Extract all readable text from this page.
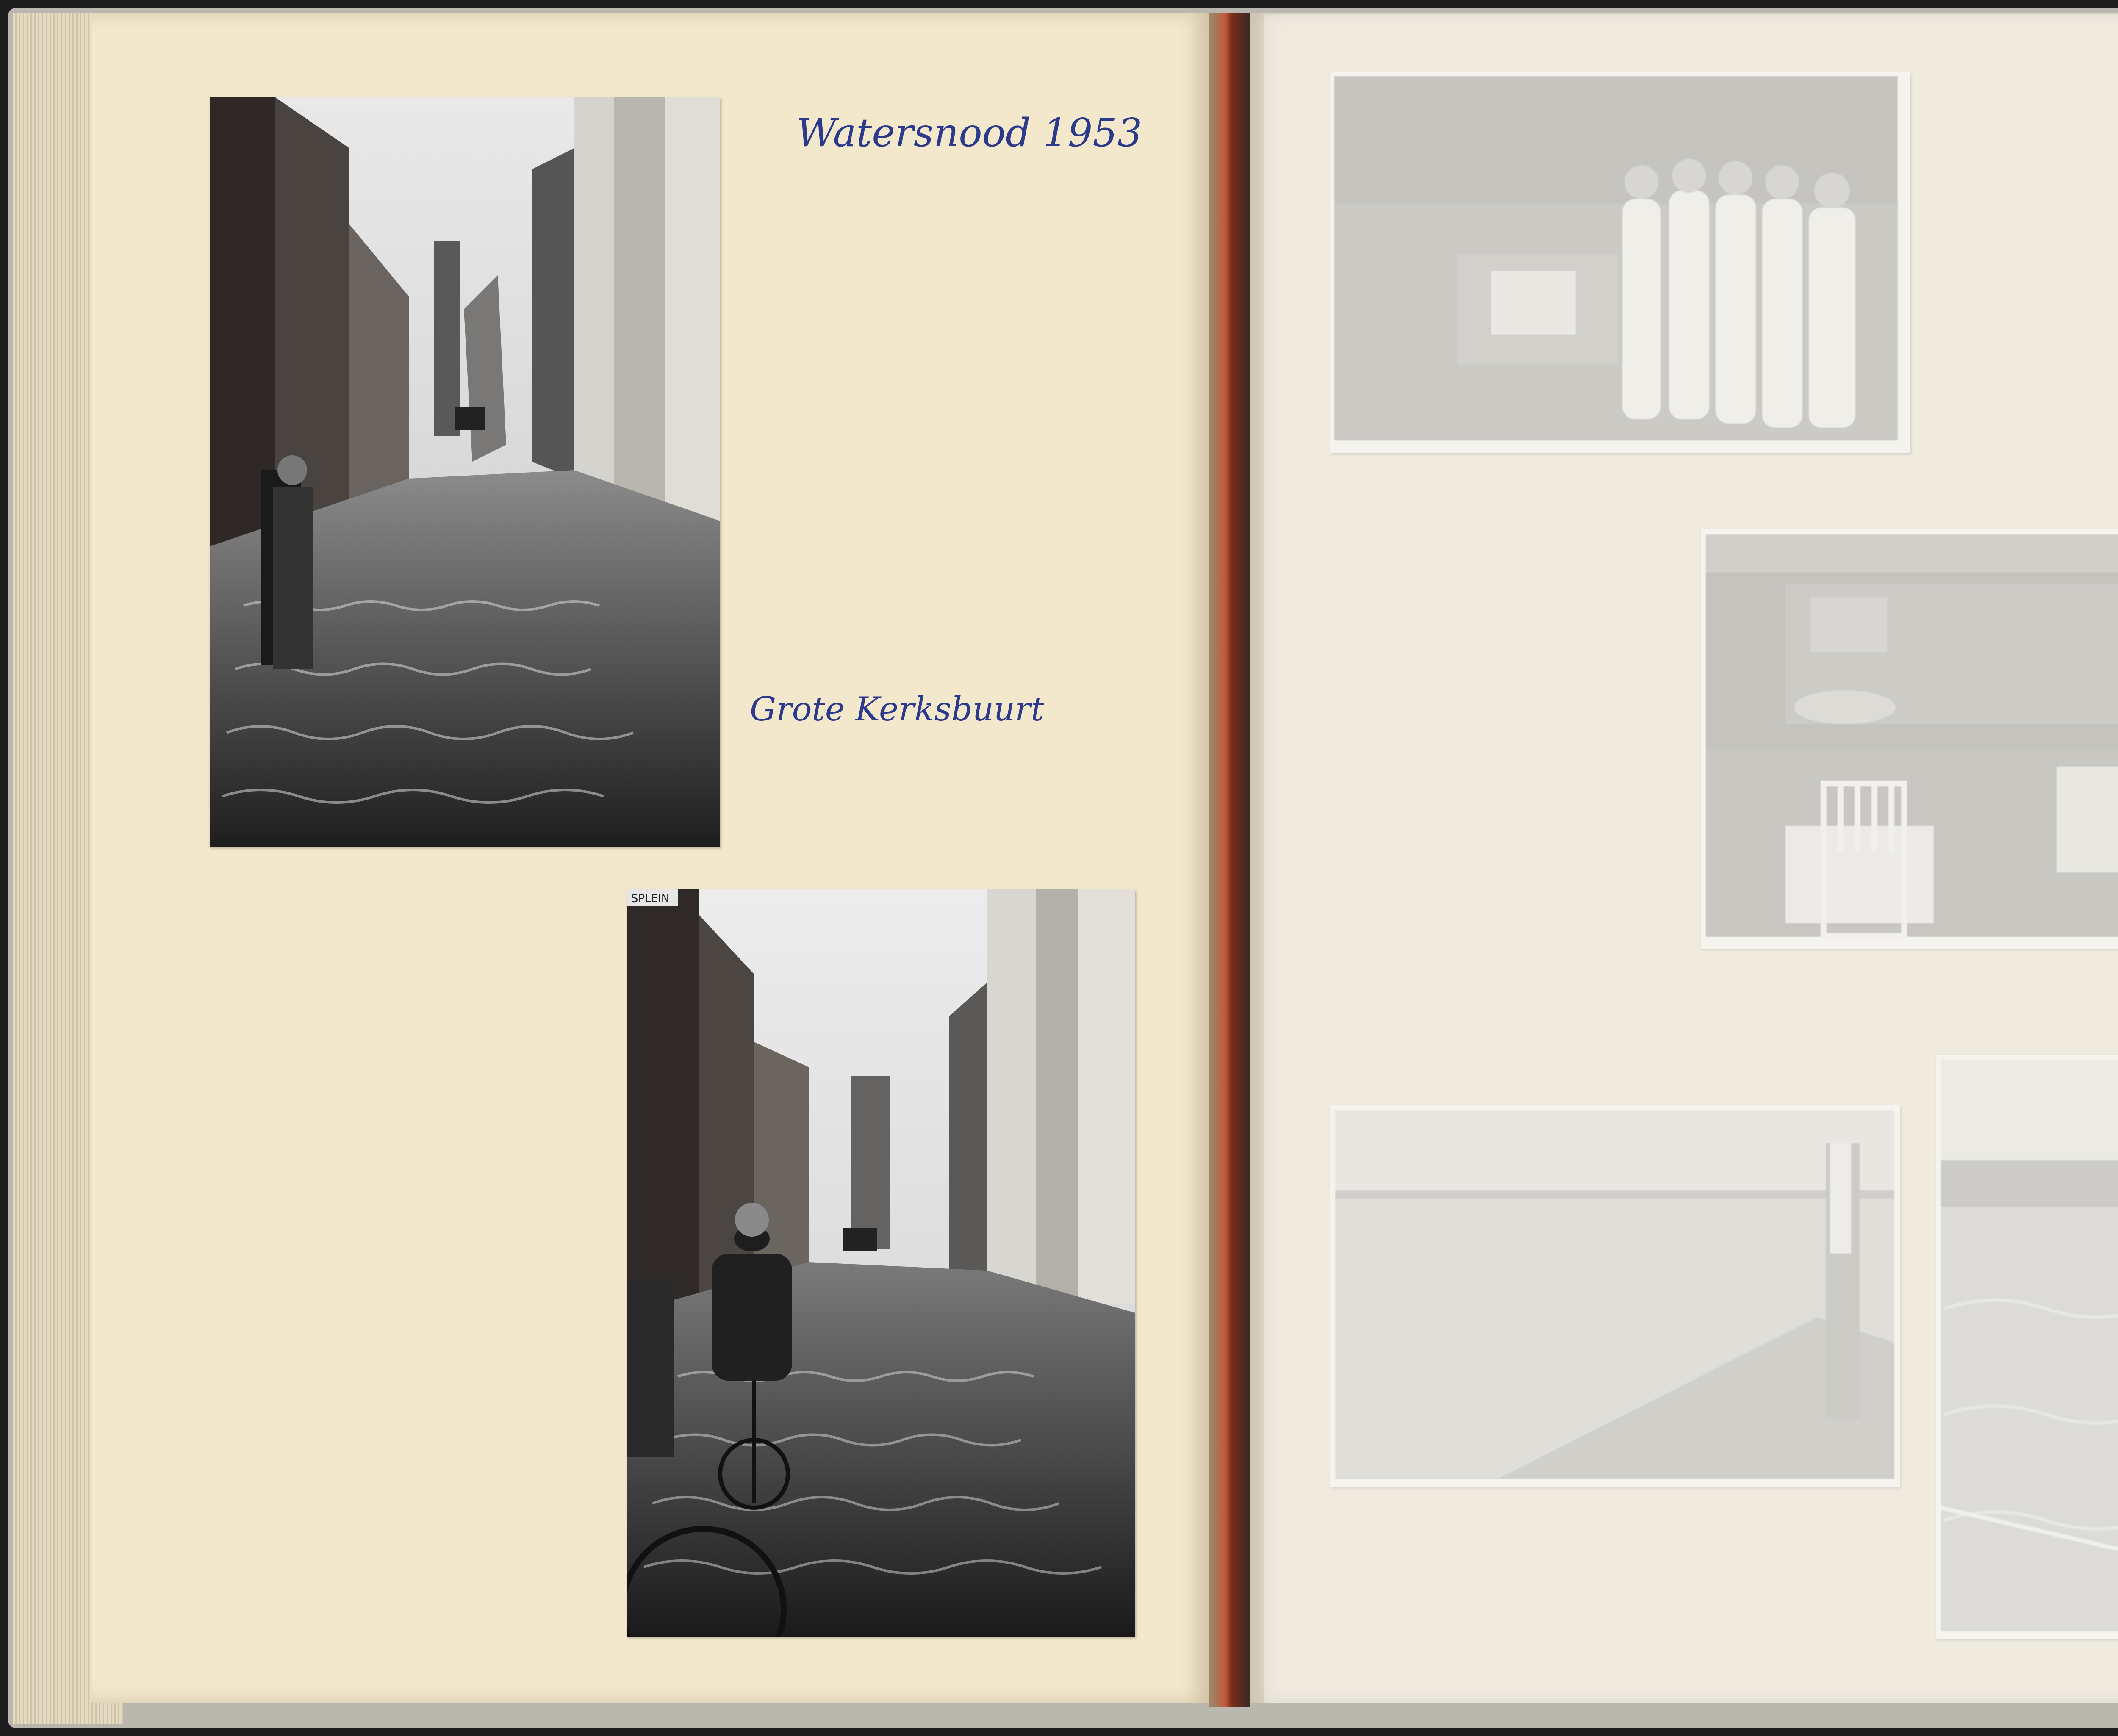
Watersnood 1953
Grote Kerksbuurt
SPLEIN
